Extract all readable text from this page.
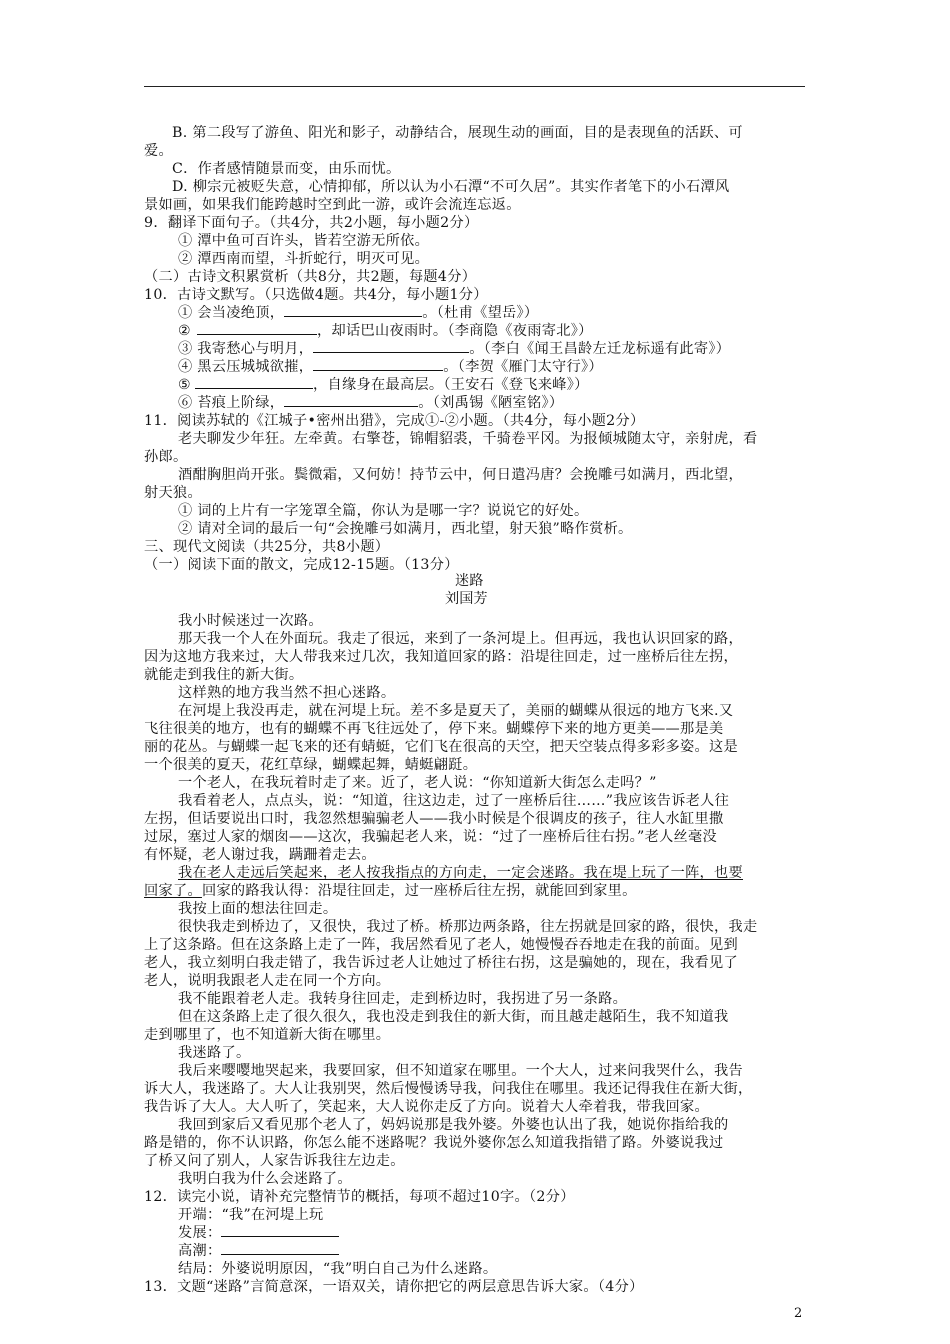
B. 第二段写了游鱼、阳光和影子，动静结合，展现生动的画面，目的是表现鱼的活跃、可
爱。
C．作者感情随景而变，由乐而忧。
D. 柳宗元被贬失意，心情抑郁，所以认为小石潭“不可久居”。其实作者笔下的小石潭风
景如画，如果我们能跨越时空到此一游，或许会流连忘返。
9．翻译下面句子。（共4分，共2小题，每小题2分）
① 潭中鱼可百许头，皆若空游无所依。
② 潭西南而望，斗折蛇行，明灭可见。
（二）古诗文积累赏析（共8分，共2题，每题4分）
10．古诗文默写。（只选做4题。共4分，每小题1分）
① 会当凌绝顶，	。（杜甫《望岳》）
②	，却话巴山夜雨时。（李商隐《夜雨寄北》）
③ 我寄愁心与明月，	。（李白《闻王昌龄左迁龙标遥有此寄》）
④ 黑云压城城欲摧，	。（李贺《雁门太守行》）
⑤	，自缘身在最高层。（王安石《登飞来峰》）
⑥ 苔痕上阶绿，	。（刘禹锡《陋室铭》）
11．阅读苏轼的《江城子•密州出猎》，完成①-②小题。（共4分，每小题2分）
老夫聊发少年狂。左牵黄。右擎苍，锦帽貂裘，千骑卷平冈。为报倾城随太守，亲射虎，看
孙郎。
酒酣胸胆尚开张。鬓微霜，又何妨！持节云中，何日遣冯唐？会挽雕弓如满月，西北望，
射天狼。
① 词的上片有一字笼罩全篇，你认为是哪一字？说说它的好处。
② 请对全词的最后一句“会挽雕弓如满月，西北望，射天狼”略作赏析。
三、现代文阅读（共25分，共8小题）
（一）阅读下面的散文，完成12-15题。（13分）
迷路
刘国芳
我小时候迷过一次路。
那天我一个人在外面玩。我走了很远，来到了一条河堤上。但再远，我也认识回家的路，
因为这地方我来过，大人带我来过几次，我知道回家的路：沿堤往回走，过一座桥后往左拐，
就能走到我住的新大街。
这样熟的地方我当然不担心迷路。
在河堤上我没再走，就在河堤上玩。差不多是夏天了，美丽的蝴蝶从很远的地方飞来.又
飞往很美的地方，也有的蝴蝶不再飞往远处了，停下来。蝴蝶停下来的地方更美——那是美
丽的花丛。与蝴蝶一起飞来的还有蜻蜓，它们飞在很高的天空，把天空装点得多彩多姿。这是
一个很美的夏天，花红草绿，蝴蝶起舞，蜻蜓翩跹。
一个老人，在我玩着时走了来。近了，老人说：“你知道新大街怎么走吗？”
我看着老人，点点头，说：“知道，往这边走，过了一座桥后往……”我应该告诉老人往
左拐，但话要说出口时，我忽然想骗骗老人——我小时候是个很调皮的孩子，往人水缸里撒
过尿，塞过人家的烟囱——这次，我骗起老人来，说：“过了一座桥后往右拐。”老人丝毫没
有怀疑，老人谢过我，蹒跚着走去。
我在老人走远后笑起来，老人按我指点的方向走，一定会迷路。我在堤上玩了一阵，也要
回家了。回家的路我认得：沿堤往回走，过一座桥后往左拐，就能回到家里。
我按上面的想法往回走。
很快我走到桥边了，又很快，我过了桥。桥那边两条路，往左拐就是回家的路，很快，我走
上了这条路。但在这条路上走了一阵，我居然看见了老人，她慢慢吞吞地走在我的前面。见到
老人，我立刻明白我走错了，我告诉过老人让她过了桥往右拐，这是骗她的，现在，我看见了
老人，说明我跟老人走在同一个方向。
我不能跟着老人走。我转身往回走，走到桥边时，我拐进了另一条路。
但在这条路上走了很久很久，我也没走到我住的新大街，而且越走越陌生，我不知道我
走到哪里了，也不知道新大街在哪里。
我迷路了。
我后来嘤嘤地哭起来，我要回家，但不知道家在哪里。一个大人，过来问我哭什么，我告
诉大人，我迷路了。大人让我别哭，然后慢慢诱导我，问我住在哪里。我还记得我住在新大街，
我告诉了大人。大人听了，笑起来，大人说你走反了方向。说着大人牵着我，带我回家。
我回到家后又看见那个老人了，妈妈说那是我外婆。外婆也认出了我，她说你指给我的
路是错的，你不认识路，你怎么能不迷路呢？我说外婆你怎么知道我指错了路。外婆说我过
了桥又问了别人，人家告诉我往左边走。
我明白我为什么会迷路了。
12．读完小说，请补充完整情节的概括，每项不超过10字。（2分）
开端：“我”在河堤上玩
发展：
高潮：
结局：外婆说明原因，“我”明白自己为什么迷路。
13．文题“迷路”言简意深，一语双关，请你把它的两层意思告诉大家。（4分）
2
